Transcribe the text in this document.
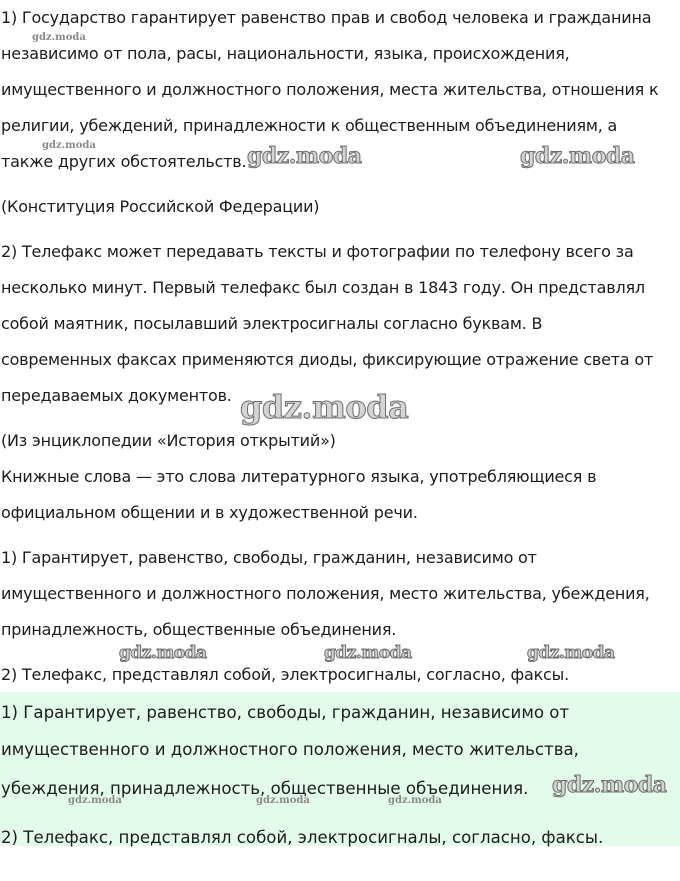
1) Государство гарантирует равенство прав и свобод человека и гражданина
независимо от пола, расы, национальности, языка, происхождения,
имущественного и должностного положения, места жительства, отношения к
религии, убеждений, принадлежности к общественным объединениям, а
также других обстоятельств.
(Конституция Российской Федерации)
2) Телефакс может передавать тексты и фотографии по телефону всего за
несколько минут. Первый телефакс был создан в 1843 году. Он представлял
собой маятник, посылавший электросигналы согласно буквам. В
современных факсах применяются диоды, фиксирующие отражение света от
передаваемых документов.
(Из энциклопедии «История открытий»)
Книжные слова — это слова литературного языка, употребляющиеся в
официальном общении и в художественной речи.
1) Гарантирует, равенство, свободы, гражданин, независимо от
имущественного и должностного положения, место жительства, убеждения,
принадлежность, общественные объединения.
2) Телефакс, представлял собой, электросигналы, согласно, факсы.
1) Гарантирует, равенство, свободы, гражданин, независимо от
имущественного и должностного положения, место жительства,
убеждения, принадлежность, общественные объединения.
2) Телефакс, представлял собой, электросигналы, согласно, факсы.
gdz.moda
gdz.moda	gdz.moda	gdz.moda
gdz.moda
gdz.moda	gdz.moda	gdz.moda
gdz.moda
gdz.moda	gdz.moda	gdz.moda
